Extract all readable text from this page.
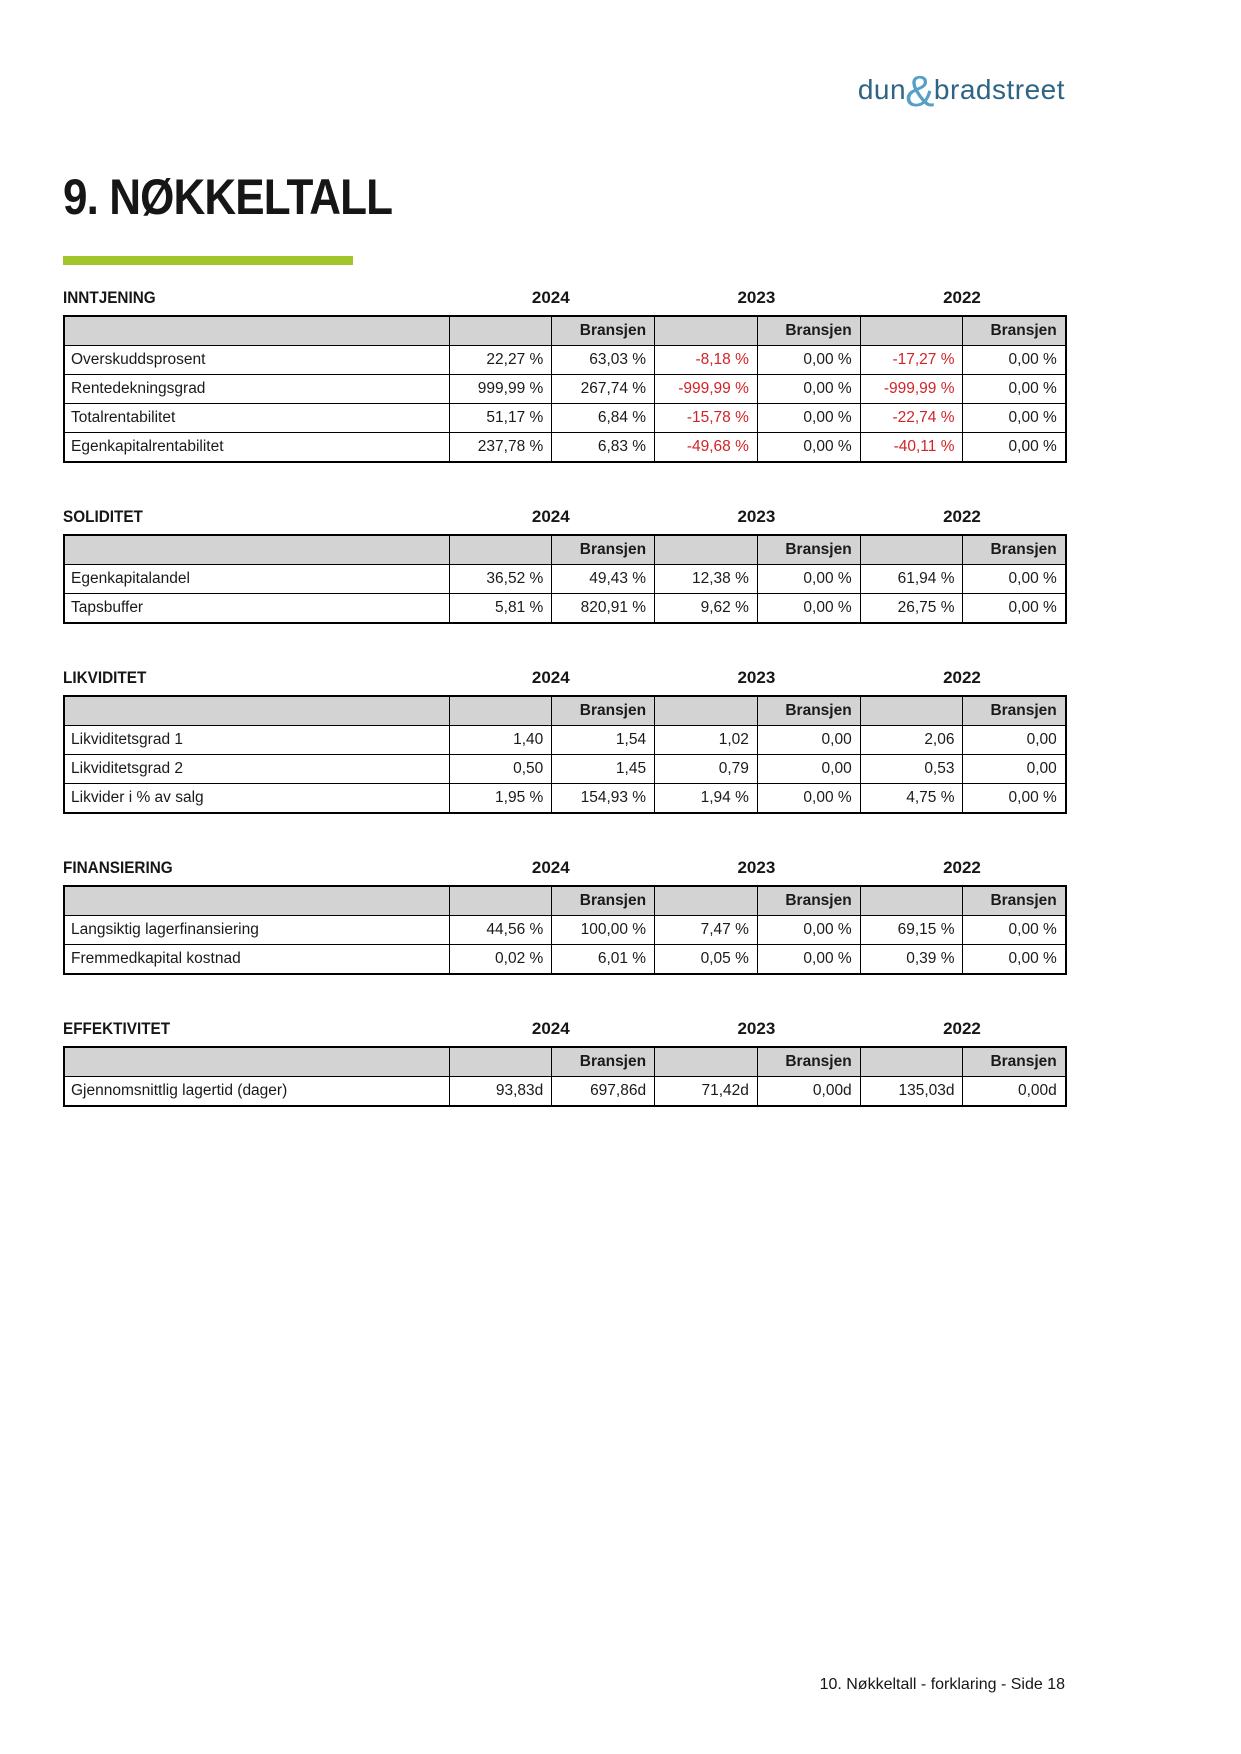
dun&bradstreet
9. NØKKELTALL
INNTJENING	2024	2023	2022
		Bransjen		Bransjen		Bransjen
Overskuddsprosent	22,27 %	63,03 %	-8,18 %	0,00 %	-17,27 %	0,00 %
Rentedekningsgrad	999,99 %	267,74 %	-999,99 %	0,00 %	-999,99 %	0,00 %
Totalrentabilitet	51,17 %	6,84 %	-15,78 %	0,00 %	-22,74 %	0,00 %
Egenkapitalrentabilitet	237,78 %	6,83 %	-49,68 %	0,00 %	-40,11 %	0,00 %
SOLIDITET	2024	2023	2022
		Bransjen		Bransjen		Bransjen
Egenkapitalandel	36,52 %	49,43 %	12,38 %	0,00 %	61,94 %	0,00 %
Tapsbuffer	5,81 %	820,91 %	9,62 %	0,00 %	26,75 %	0,00 %
LIKVIDITET	2024	2023	2022
		Bransjen		Bransjen		Bransjen
Likviditetsgrad 1	1,40	1,54	1,02	0,00	2,06	0,00
Likviditetsgrad 2	0,50	1,45	0,79	0,00	0,53	0,00
Likvider i % av salg	1,95 %	154,93 %	1,94 %	0,00 %	4,75 %	0,00 %
FINANSIERING	2024	2023	2022
		Bransjen		Bransjen		Bransjen
Langsiktig lagerfinansiering	44,56 %	100,00 %	7,47 %	0,00 %	69,15 %	0,00 %
Fremmedkapital kostnad	0,02 %	6,01 %	0,05 %	0,00 %	0,39 %	0,00 %
EFFEKTIVITET	2024	2023	2022
		Bransjen		Bransjen		Bransjen
Gjennomsnittlig lagertid (dager)	93,83d	697,86d	71,42d	0,00d	135,03d	0,00d
10. Nøkkeltall - forklaring - Side 18
